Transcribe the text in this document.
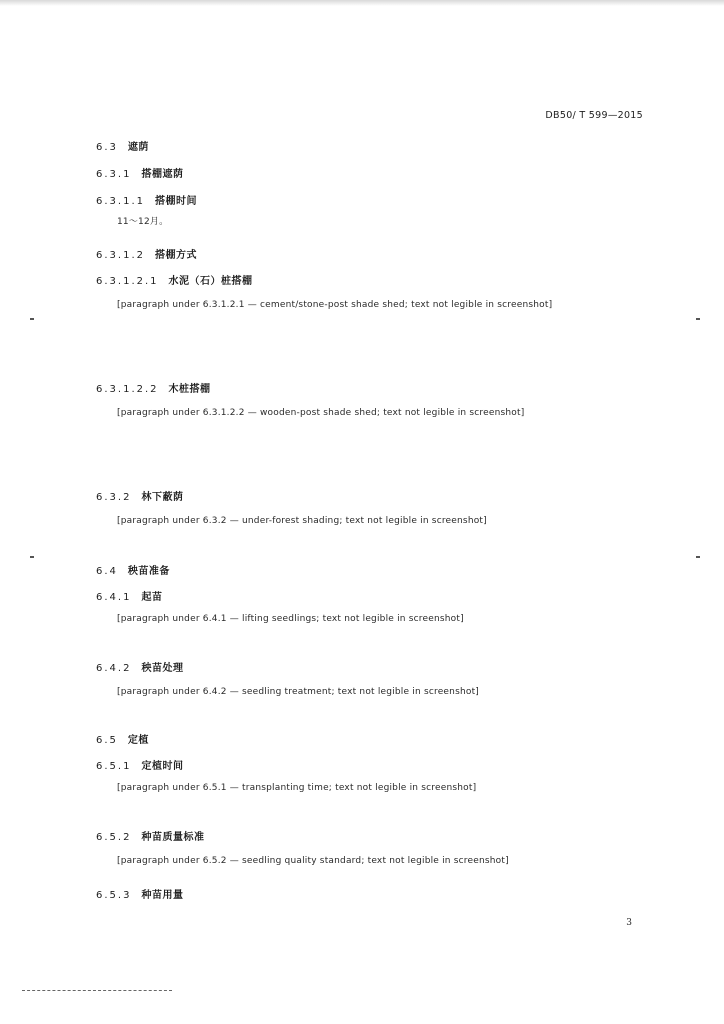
DB50/ T 599—2015
6.3 遮荫
6.3.1 搭棚遮荫
6.3.1.1 搭棚时间
11～12月。
6.3.1.2 搭棚方式
6.3.1.2.1 水泥（石）桩搭棚
[paragraph under 6.3.1.2.1 — cement/stone-post shade shed; text not legible in screenshot]
6.3.1.2.2 木桩搭棚
[paragraph under 6.3.1.2.2 — wooden-post shade shed; text not legible in screenshot]
6.3.2 林下蔽荫
[paragraph under 6.3.2 — under-forest shading; text not legible in screenshot]
6.4 秧苗准备
6.4.1 起苗
[paragraph under 6.4.1 — lifting seedlings; text not legible in screenshot]
6.4.2 秧苗处理
[paragraph under 6.4.2 — seedling treatment; text not legible in screenshot]
6.5 定植
6.5.1 定植时间
[paragraph under 6.5.1 — transplanting time; text not legible in screenshot]
6.5.2 种苗质量标准
[paragraph under 6.5.2 — seedling quality standard; text not legible in screenshot]
6.5.3 种苗用量
3
